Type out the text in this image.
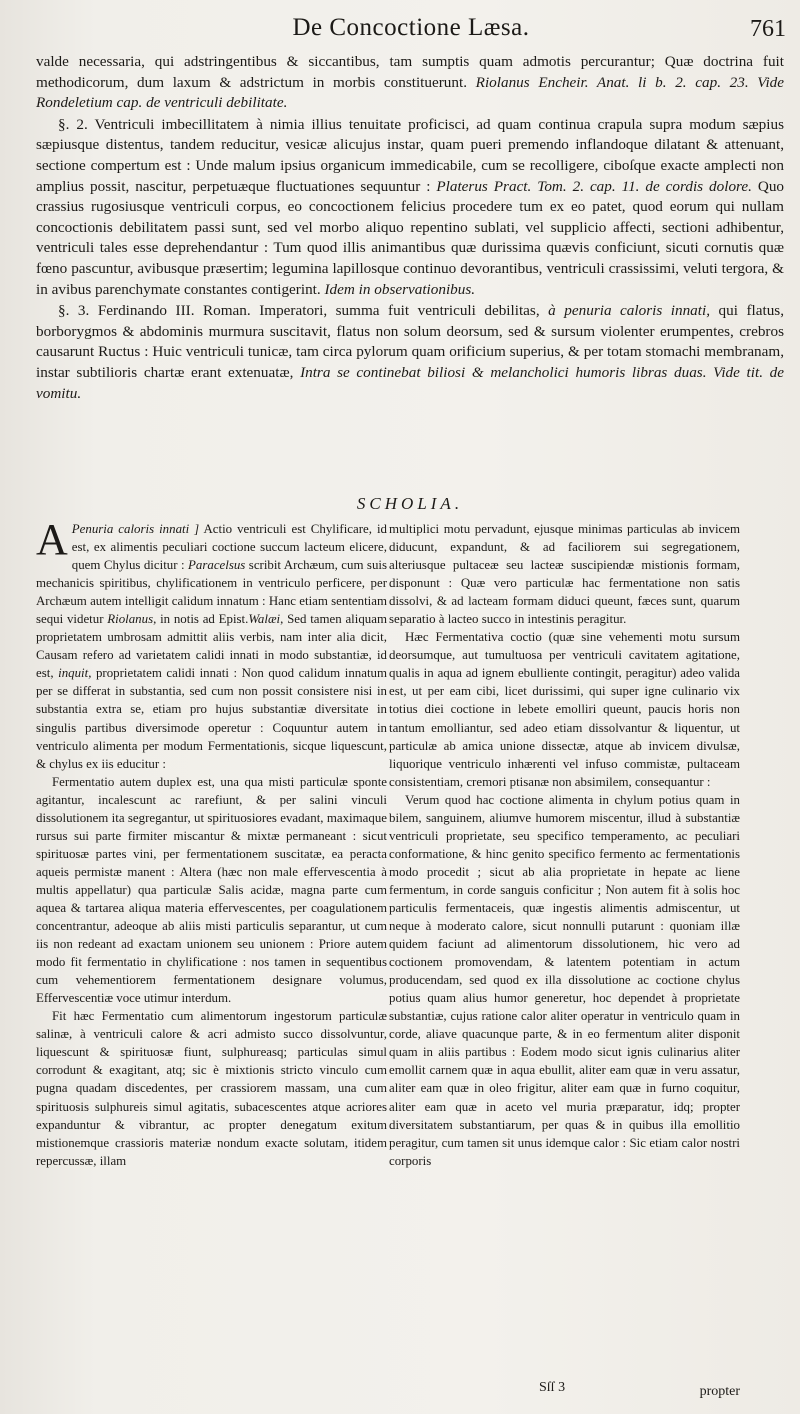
De Concoctione Læsa.	761

valde necessaria, qui adstringentibus & siccantibus, tam sumptis quam admotis percurantur; Quæ doctrina fuit methodicorum, dum laxum & adstrictum in morbis constituerunt. Riolanus Encheir. Anat. li b. 2. cap. 23. Vide Rondeletium cap. de ventriculi debilitate.

§. 2. Ventriculi imbecillitatem à nimia illius tenuitate proficisci, ad quam continua crapula supra modum sæpius sæpiusque distentus, tandem reducitur, vesicæ alicujus instar, quam pueri premendo inflandoque dilatant & attenuant, sectione compertum est : Unde malum ipsius organicum immedicabile, cum se recolligere, ciboſque exacte amplecti non amplius possit, nascitur, perpetuæque fluctuationes sequuntur : Platerus Pract. Tom. 2. cap. 11. de cordis dolore. Quo crassius rugosiusque ventriculi corpus, eo concoctionem felicius procedere tum ex eo patet, quod eorum qui nullam concoctionis debilitatem passi sunt, sed vel morbo aliquo repentino sublati, vel supplicio affecti, sectioni adhibentur, ventriculi tales esse deprehendantur : Tum quod illis animantibus quæ durissima quævis conficiunt, sicuti cornutis quæ fœno pascuntur, avibusque præsertim; legumina lapillosque continuo devorantibus, ventriculi crassissimi, veluti tergora, & in avibus parenchymate constantes contigerint. Idem in observationibus.

§. 3. Ferdinando III. Roman. Imperatori, summa fuit ventriculi debilitas, à penuria caloris innati, qui flatus, borborygmos & abdominis murmura suscitavit, flatus non solum deorsum, sed & sursum violenter erumpentes, crebros causarunt Ructus : Huic ventriculi tunicæ, tam circa pylorum quam orificium superius, & per totam stomachi membranam, instar subtilioris chartæ erant extenuatæ, Intra se continebat biliosi & melancholici humoris libras duas. Vide tit. de vomitu.

SCHOLIA.

A Penuria caloris innati ] Actio ventriculi est Chylificare, id est, ex alimentis peculiari coctione succum lacteum elicere, quem Chylus dicitur : Paracelsus scribit Archæum, cum suis mechanicis spiritibus, chylificationem in ventriculo perficere, per Archæum autem intelligit calidum innatum : Hanc etiam sententiam sequi videtur Riolanus, in notis ad Epist.Walæi, Sed tamen aliquam proprietatem umbrosam admittit aliis verbis, nam inter alia dicit, Causam refero ad varietatem calidi innati in modo substantiæ, id est, inquit, proprietatem calidi innati : Non quod calidum innatum per se differat in substantia, sed cum non possit consistere nisi in substantia extra se, etiam pro hujus substantiæ diversitate in singulis partibus diversimode operetur : Coquuntur autem in ventriculo alimenta per modum Fermentationis, sicque liquescunt, & chylus ex iis educitur :

Fermentatio autem duplex est, una qua misti particulæ sponte agitantur, incalescunt ac rarefiunt, & per salini vinculi dissolutionem ita segregantur, ut spirituosiores evadant, maximaque rursus sui parte firmiter miscantur & mixtæ permaneant : sicut spirituosæ partes vini, per fermentationem suscitatæ, ea peracta aqueis permistæ manent : Altera (hæc non male effervescentia à multis appellatur) qua particulæ Salis acidæ, magna parte cum aquea & tartarea aliqua materia effervescentes, per coagulationem concentrantur, adeoque ab aliis misti particulis separantur, ut cum iis non redeant ad exactam unionem seu unionem : Priore autem modo fit fermentatio in chylificatione : nos tamen in sequentibus cum vehementiorem fermentationem designare volumus, Effervescentiæ voce utimur interdum.

Fit hæc Fermentatio cum alimentorum ingestorum particulæ salinæ, à ventriculi calore & acri admisto succo dissolvuntur, liquescunt & spirituosæ fiunt, sulphureasq; particulas simul corrodunt & exagitant, atq; sic è mixtionis stricto vinculo cum pugna quadam discedentes, per crassiorem massam, una cum spirituosis sulphureis simul agitatis, subacescentes atque acriores expanduntur & vibrantur, ac propter denegatum exitum mistionemque crassioris materiæ nondum exacte solutam, itidem repercussæ, illam

multiplici motu pervadunt, ejusque minimas particulas ab invicem diducunt, expandunt, & ad faciliorem sui segregationem, alteriusque pultaceæ seu lacteæ suscipiendæ mistionis formam, disponunt : Quæ vero particulæ hac fermentatione non satis dissolvi, & ad lacteam formam diduci queunt, fæces sunt, quarum separatio à lacteo succo in intestinis peragitur.

Hæc Fermentativa coctio (quæ sine vehementi motu sursum deorsumque, aut tumultuosa per ventriculi cavitatem agitatione, qualis in aqua ad ignem ebulliente contingit, peragitur) adeo valida est, ut per eam cibi, licet durissimi, qui super igne culinario vix totius diei coctione in lebete emolliri queunt, paucis horis non tantum emolliantur, sed adeo etiam dissolvantur & liquentur, ut particulæ ab amica unione dissectæ, atque ab invicem divulsæ, liquorique ventriculo inhærenti vel infuso commistæ, pultaceam consistentiam, cremori ptisanæ non absimilem, consequantur :

Verum quod hac coctione alimenta in chylum potius quam in bilem, sanguinem, aliumve humorem miscentur, illud à substantiæ ventriculi proprietate, seu specifico temperamento, ac peculiari conformatione, & hinc genito specifico fermento ac fermentationis modo procedit ; sicut ab alia proprietate in hepate ac liene fermentum, in corde sanguis conficitur ; Non autem fit à solis hoc particulis fermentaceis, quæ ingestis alimentis admiscentur, ut neque à moderato calore, sicut nonnulli putarunt : quoniam illæ quidem faciunt ad alimentorum dissolutionem, hic vero ad coctionem promovendam, & latentem potentiam in actum producendam, sed quod ex illa dissolutione ac coctione chylus potius quam alius humor generetur, hoc dependet à proprietate substantiæ, cujus ratione calor aliter operatur in ventriculo quam in corde, aliave quacunque parte, & in eo fermentum aliter disponit quam in aliis partibus : Eodem modo sicut ignis culinarius aliter emollit carnem quæ in aqua ebullit, aliter eam quæ in veru assatur, aliter eam quæ in oleo frigitur, aliter eam quæ in furno coquitur, aliter eam quæ in aceto vel muria præparatur, idq; propter diversitatem substantiarum, per quas & in quibus illa emollitio peragitur, cum tamen sit unus idemque calor : Sic etiam calor nostri corporis

Sſſ 3	propter
